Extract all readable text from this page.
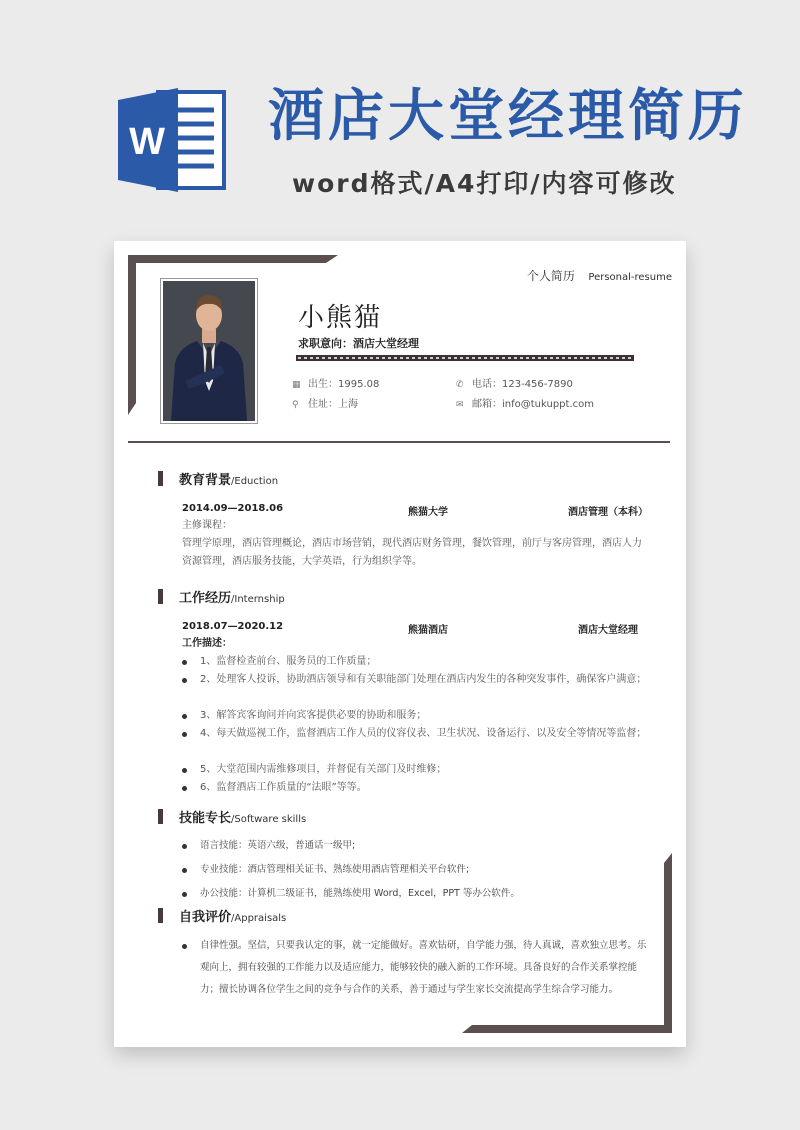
W 酒店大堂经理简历
word格式/A4打印/内容可修改
个人简历 Personal-resume
小熊猫
求职意向：酒店大堂经理
▦ 出生：1995.08	✆ 电话：123-456-7890
⚲ 住址：上海	✉ 邮箱：info@tukuppt.com
教育背景/Eduction
2014.09—2018.06	熊猫大学	酒店管理（本科）
主修课程：
管理学原理，酒店管理概论，酒店市场营销，现代酒店财务管理，餐饮管理，前厅与客房管理，酒店人力
资源管理，酒店服务技能，大学英语，行为组织学等。
工作经历/Internship
2018.07—2020.12	熊猫酒店	酒店大堂经理
工作描述：
1、监督检查前台、服务员的工作质量；
2、处理客人投诉，协助酒店领导和有关职能部门处理在酒店内发生的各种突发事件，确保客户满意；
3、解答宾客询问并向宾客提供必要的协助和服务；
4、每天做巡视工作，监督酒店工作人员的仪容仪表、卫生状况、设备运行、以及安全等情况等监督；
5、大堂范围内需维修项目，并督促有关部门及时维修；
6、监督酒店工作质量的“法眼”等等。
技能专长/Software skills
语言技能：英语六级，普通话一级甲;
专业技能：酒店管理相关证书、熟练使用酒店管理相关平台软件;
办公技能：计算机二级证书，能熟练使用 Word，Excel，PPT 等办公软件。
自我评价/Appraisals
自律性强。坚信，只要我认定的事，就一定能做好。喜欢钻研，自学能力强，待人真诚，喜欢独立思考。乐观向上，拥有较强的工作能力以及适应能力，能够较快的融入新的工作环境。具备良好的合作关系掌控能力；擅长协调各位学生之间的竞争与合作的关系，善于通过与学生家长交流提高学生综合学习能力。
